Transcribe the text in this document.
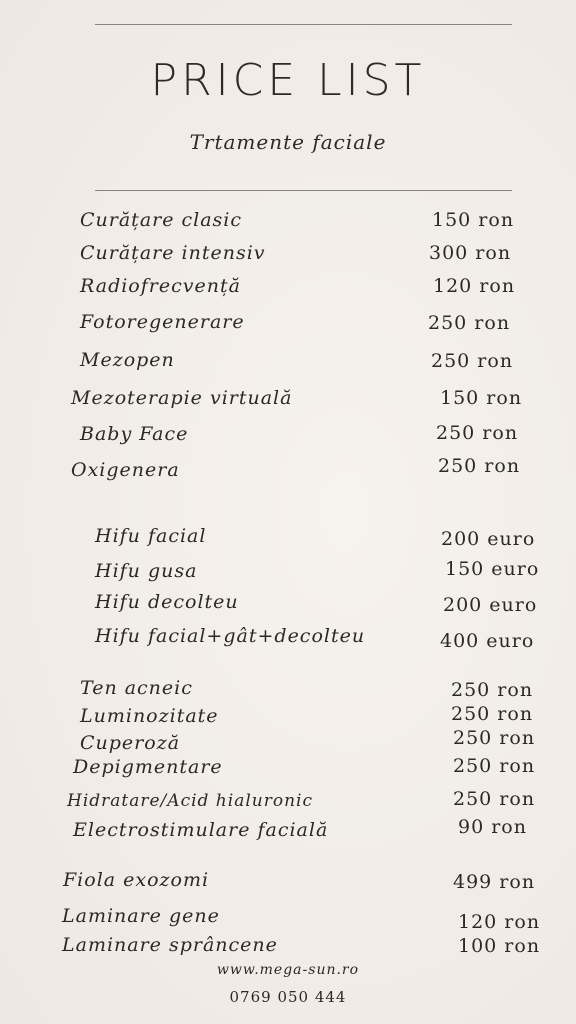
PRICE LIST
Trtamente faciale
Curățare clasic	150 ron
Curățare intensiv	300 ron
Radiofrecvență	120 ron
Fotoregenerare	250 ron
Mezopen	250 ron
Mezoterapie virtuală	150 ron
Baby Face	250 ron
Oxigenera	250 ron
Hifu facial	200 euro
Hifu gusa	150 euro
Hifu decolteu	200 euro
Hifu facial+gât+decolteu	400 euro
Ten acneic	250 ron
Luminozitate	250 ron
Cuperoză	250 ron
Depigmentare	250 ron
Hidratare/Acid hialuronic	250 ron
Electrostimulare facială	90 ron
Fiola exozomi	499 ron
Laminare gene	120 ron
Laminare sprâncene	100 ron
www.mega-sun.ro
0769 050 444
